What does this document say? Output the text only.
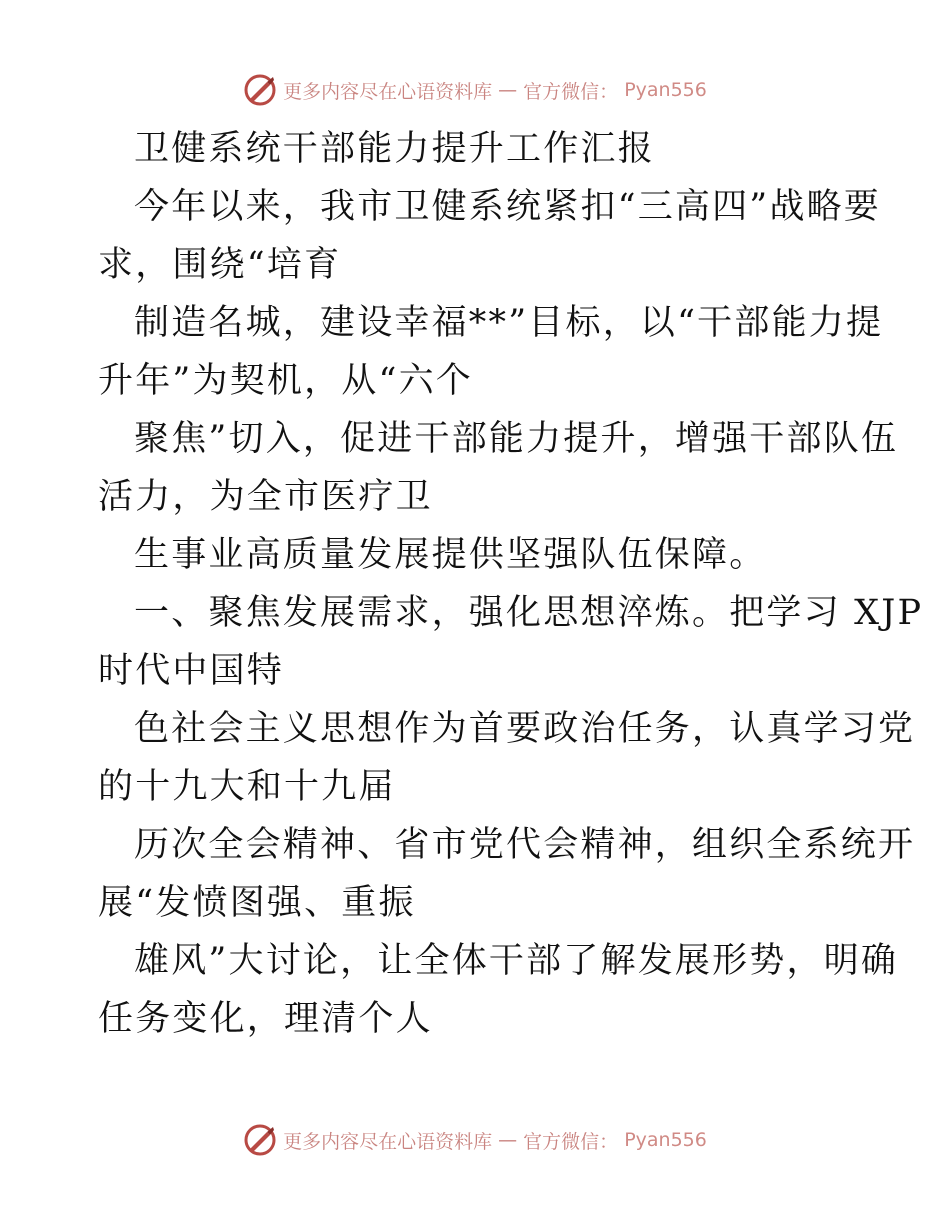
更多内容尽在心语资料库 — 官方微信： Pyan556

卫健系统干部能力提升工作汇报

今年以来，我市卫健系统紧扣“三高四”战略要
求，围绕“培育

制造名城，建设幸福**”目标，以“干部能力提
升年”为契机，从“六个

聚焦”切入，促进干部能力提升，增强干部队伍
活力，为全市医疗卫

生事业高质量发展提供坚强队伍保障。

一、聚焦发展需求，强化思想淬炼。把学习 XJP
时代中国特

色社会主义思想作为首要政治任务，认真学习党
的十九大和十九届

历次全会精神、省市党代会精神，组织全系统开
展“发愤图强、重振

雄风”大讨论，让全体干部了解发展形势，明确
任务变化，理清个人

更多内容尽在心语资料库 — 官方微信： Pyan556
